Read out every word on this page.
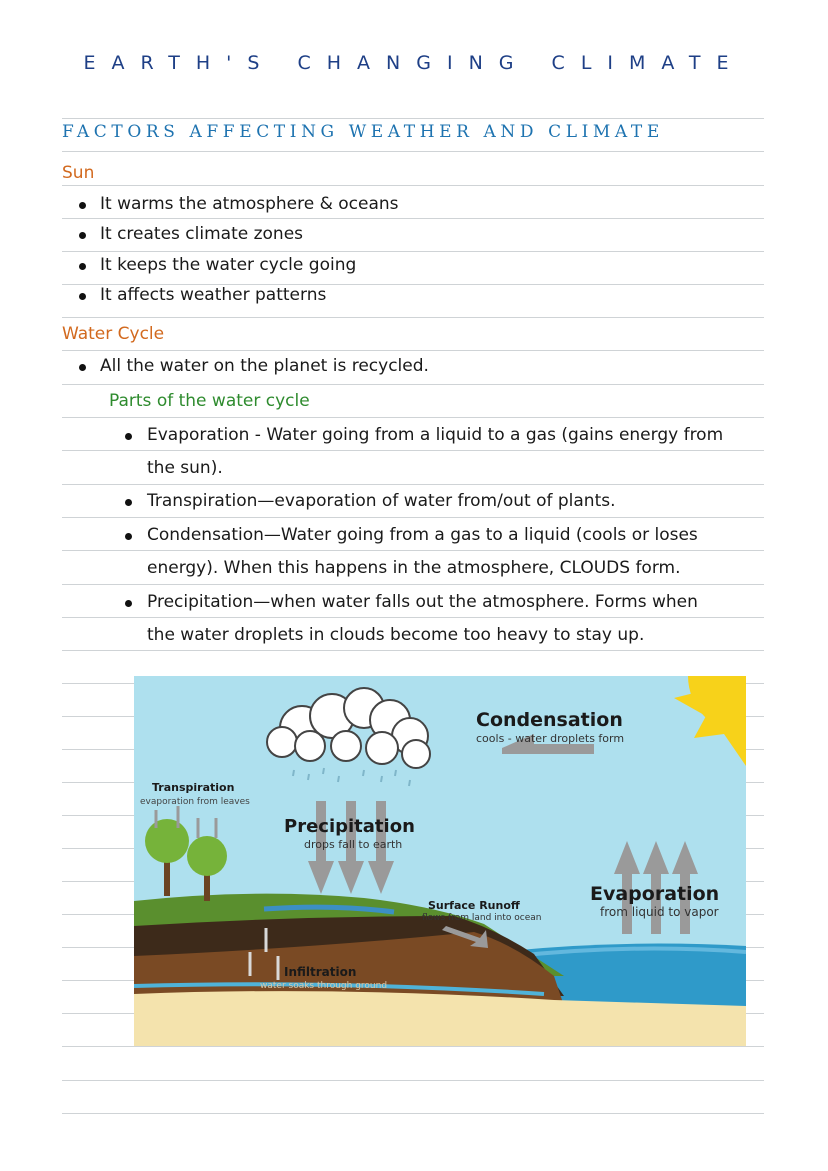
EARTH'S CHANGING CLIMATE
FACTORS AFFECTING WEATHER AND CLIMATE
Sun
It warms the atmosphere & oceans
It creates climate zones
It keeps the water cycle going
It affects weather patterns
Water Cycle
All the water on the planet is recycled.
Parts of the water cycle
Evaporation - Water going from a liquid to a gas (gains energy from
the sun).
Transpiration—evaporation of water from/out of plants.
Condensation—Water going from a gas to a liquid (cools or loses
energy). When this happens in the atmosphere, CLOUDS form.
Precipitation—when water falls out the atmosphere. Forms when
the water droplets in clouds become too heavy to stay up.
Condensation
cools - water droplets form
Transpiration
evaporation from leaves
Precipitation
drops fall to earth
Surface Runoff
flows from land into ocean
Evaporation
from liquid to vapor
Infiltration
water soaks through ground
